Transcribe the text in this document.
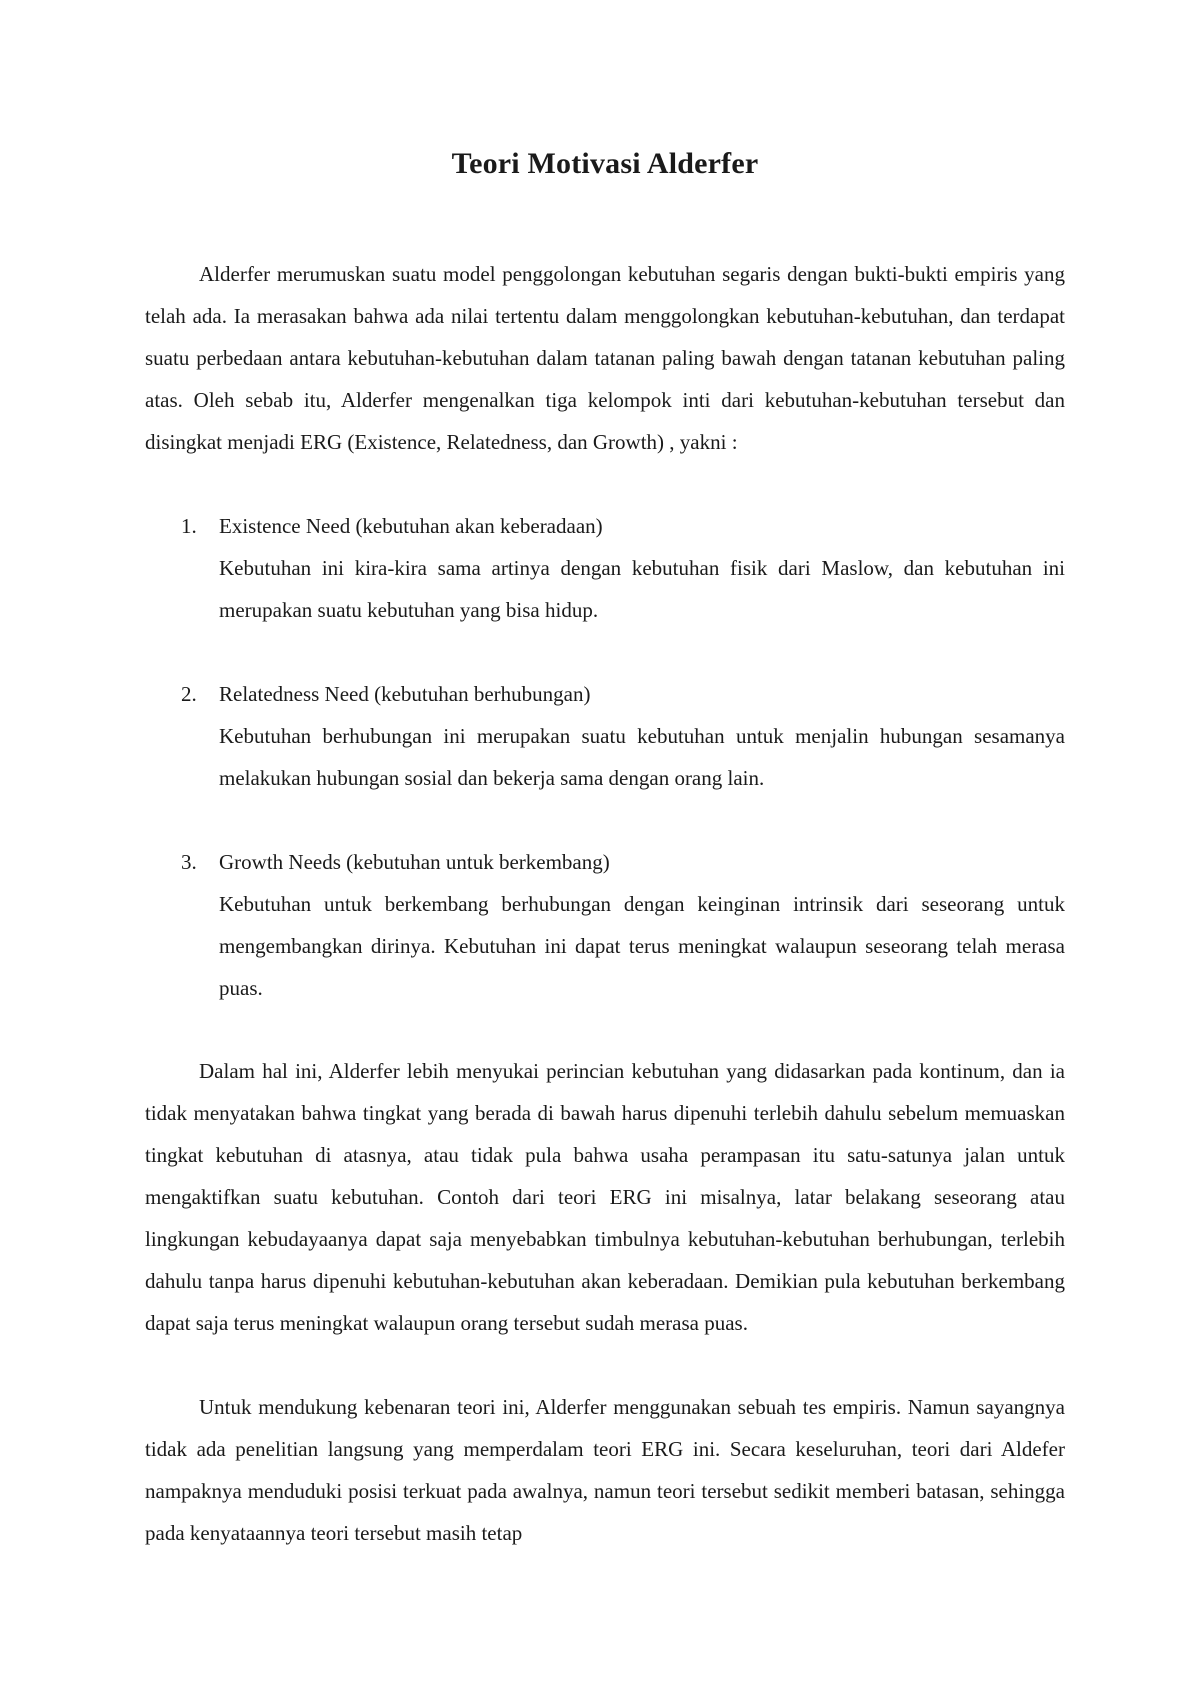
Teori Motivasi Alderfer

Alderfer merumuskan suatu model penggolongan kebutuhan segaris dengan bukti-bukti empiris yang telah ada. Ia merasakan bahwa ada nilai tertentu dalam menggolongkan kebutuhan-kebutuhan, dan terdapat suatu perbedaan antara kebutuhan-kebutuhan dalam tatanan paling bawah dengan tatanan kebutuhan paling atas. Oleh sebab itu, Alderfer mengenalkan tiga kelompok inti dari kebutuhan-kebutuhan tersebut dan disingkat menjadi ERG (Existence, Relatedness, dan Growth) , yakni :

1. Existence Need (kebutuhan akan keberadaan)

Kebutuhan ini kira-kira sama artinya dengan kebutuhan fisik dari Maslow, dan kebutuhan ini merupakan suatu kebutuhan yang bisa hidup.

2. Relatedness Need (kebutuhan berhubungan)

Kebutuhan berhubungan ini merupakan suatu kebutuhan untuk menjalin hubungan sesamanya melakukan hubungan sosial dan bekerja sama dengan orang lain.

3. Growth Needs (kebutuhan untuk berkembang)

Kebutuhan untuk berkembang berhubungan dengan keinginan intrinsik dari seseorang untuk mengembangkan dirinya. Kebutuhan ini dapat terus meningkat walaupun seseorang telah merasa puas.

Dalam hal ini, Alderfer lebih menyukai perincian kebutuhan yang didasarkan pada kontinum, dan ia tidak menyatakan bahwa tingkat yang berada di bawah harus dipenuhi terlebih dahulu sebelum memuaskan tingkat kebutuhan di atasnya, atau tidak pula bahwa usaha perampasan itu satu-satunya jalan untuk mengaktifkan suatu kebutuhan. Contoh dari teori ERG ini misalnya, latar belakang seseorang atau lingkungan kebudayaanya dapat saja menyebabkan timbulnya kebutuhan-kebutuhan berhubungan, terlebih dahulu tanpa harus dipenuhi kebutuhan-kebutuhan akan keberadaan. Demikian pula kebutuhan berkembang dapat saja terus meningkat walaupun orang tersebut sudah merasa puas.

Untuk mendukung kebenaran teori ini, Alderfer menggunakan sebuah tes empiris. Namun sayangnya tidak ada penelitian langsung yang memperdalam teori ERG ini. Secara keseluruhan, teori dari Aldefer nampaknya menduduki posisi terkuat pada awalnya, namun teori tersebut sedikit memberi batasan, sehingga pada kenyataannya teori tersebut masih tetap
